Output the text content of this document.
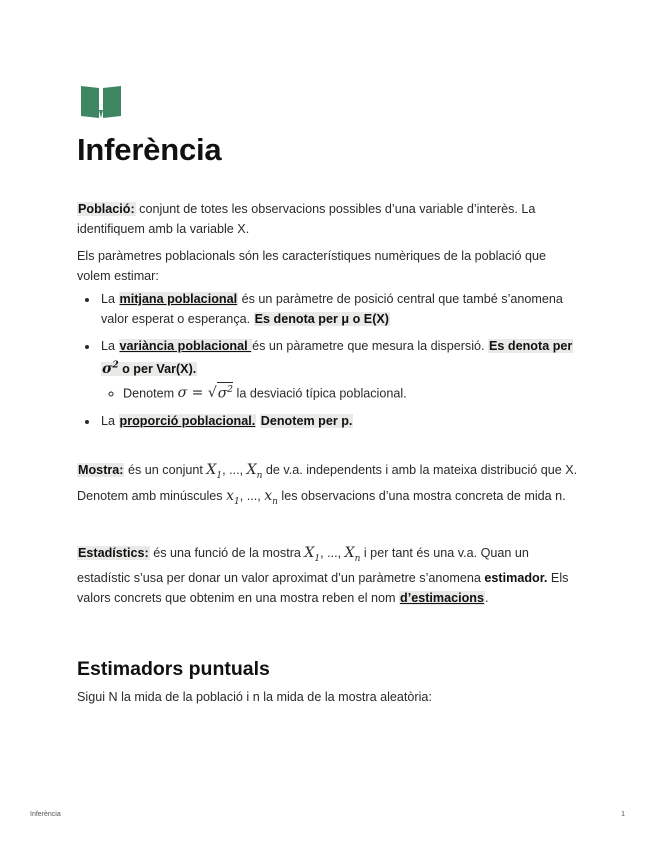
Inferència

Població: conjunt de totes les observacions possibles d’una variable d’interès. La identifiquem amb la variable X.

Els paràmetres poblacionals són les característiques numèriques de la població que volem estimar:

• La mitjana poblacional és un paràmetre de posició central que també s’anomena valor esperat o esperança. Es denota per μ o E(X)
• La variància poblacional és un pàrametre que mesura la dispersió. Es denota per $\sigma^2$ o per Var(X).
◦ Denotem $\sigma = √\sigma^2$ la desviació típica poblacional.
• La proporció poblacional. Denotem per p.

Mostra: és un conjunt $X_1$, ..., $X_n$ de v.a. independents i amb la mateixa distribució que X. Denotem amb minúscules $x_1$, ..., $x_n$ les observacions d’una mostra concreta de mida n.

Estadístics: és una funció de la mostra $X_1$, ..., $X_n$ i per tant és una v.a. Quan un estadístic s’usa per donar un valor aproximat d’un paràmetre s’anomena estimador. Els valors concrets que obtenim en una mostra reben el nom d’estimacions.

Estimadors puntuals
Sigui N la mida de la població i n la mida de la mostra aleatòria:
Inferència	1
